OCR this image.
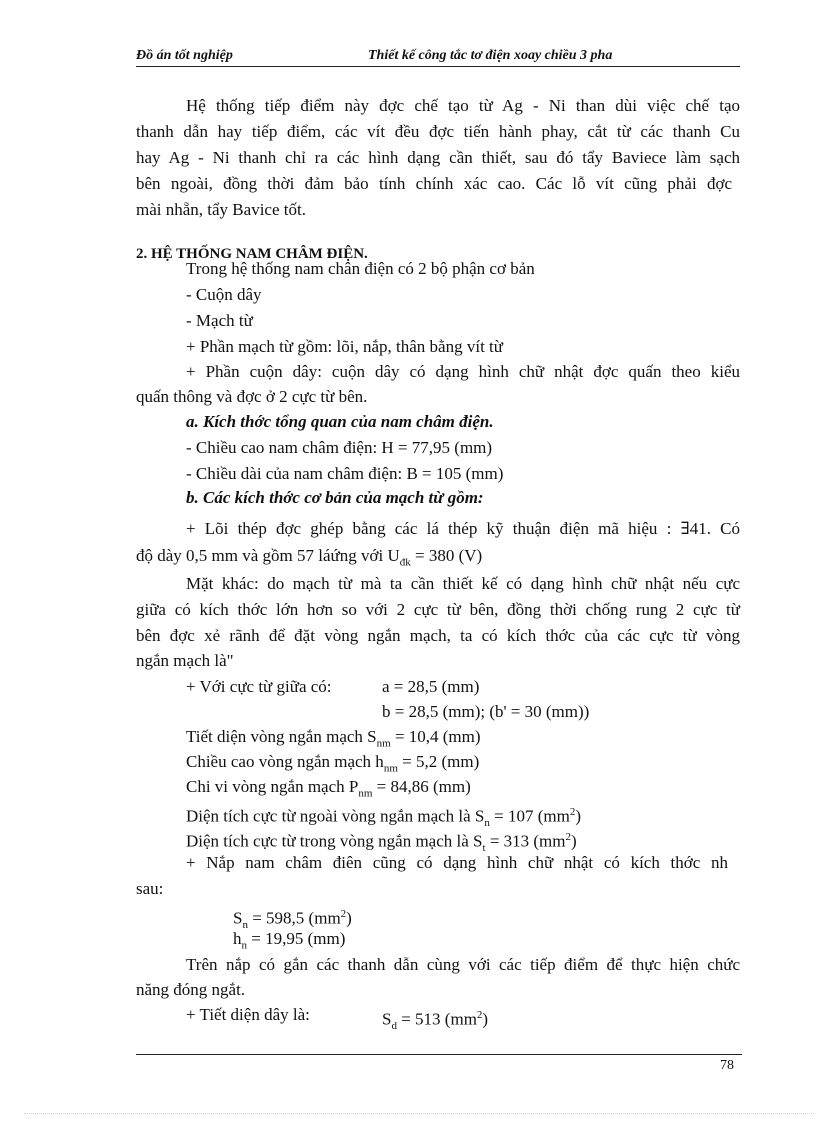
Đồ án tốt nghiệp	Thiết kế công tắc tơ điện xoay chiều 3 pha
Hệ thống tiếp điểm này đợc chế tạo từ Ag - Ni than dùi việc chế tạo
thanh dẫn hay tiếp điểm, các vít đều đợc tiến hành phay, cắt từ các thanh Cu
hay Ag - Ni thanh chỉ ra các hình dạng cần thiết, sau đó tẩy Baviece làm sạch
bên ngoài, đồng thời đảm bảo tính chính xác cao. Các lỗ vít cũng phải đợc
mài nhẵn, tẩy Bavice tốt.
2. HỆ THỐNG NAM CHÂM ĐIỆN.
Trong hệ thống nam chân điện có 2 bộ phận cơ bản
- Cuộn dây
- Mạch từ
+ Phần mạch từ gồm: lõi, nắp, thân bằng vít từ
+ Phần cuộn dây: cuộn dây có dạng hình chữ nhật đợc quấn theo kiểu
quấn thông và đợc ở 2 cực từ bên.
a. Kích thớc tổng quan của nam châm điện.
- Chiều cao nam châm điện: H = 77,95 (mm)
- Chiều dài của nam châm điện: B = 105 (mm)
b. Các kích thớc cơ bản của mạch từ gồm:
+ Lõi thép đợc ghép bằng các lá thép kỹ thuận điện mã hiệu : ∃41. Có
độ dày 0,5 mm và gồm 57 láứng với $U_{đk} = 380$ (V)
Mặt khác: do mạch từ mà ta cần thiết kế có dạng hình chữ nhật nếu cực
giữa có kích thớc lớn hơn so với 2 cực từ bên, đồng thời chống rung 2 cực từ
bên đợc xẻ rãnh để đặt vòng ngắn mạch, ta có kích thớc của các cực từ vòng
ngắn mạch là"
+ Với cực từ giữa có:	a = 28,5 (mm)
b = 28,5 (mm); (b' = 30 (mm))
Tiết diện vòng ngắn mạch $S_{nm} = 10,4$ (mm)
Chiều cao vòng ngắn mạch $h_{nm} = 5,2$ (mm)
Chi vi vòng ngắn mạch $P_{nm} = 84,86$ (mm)
Diện tích cực từ ngoài vòng ngắn mạch là $S_n = 107$ $(mm^2)$
Diện tích cực từ trong vòng ngắn mạch là $S_t = 313$ $(mm^2)$
+ Nắp nam châm điên cũng có dạng hình chữ nhật có kích thớc nh
sau:
$S_n = 598,5$ $(mm^2)$
$h_n = 19,95$ (mm)
Trên nắp có gắn các thanh dẫn cùng với các tiếp điểm để thực hiện chức
năng đóng ngắt.
+ Tiết diện dây là:	$S_d = 513$ $(mm^2)$
78
